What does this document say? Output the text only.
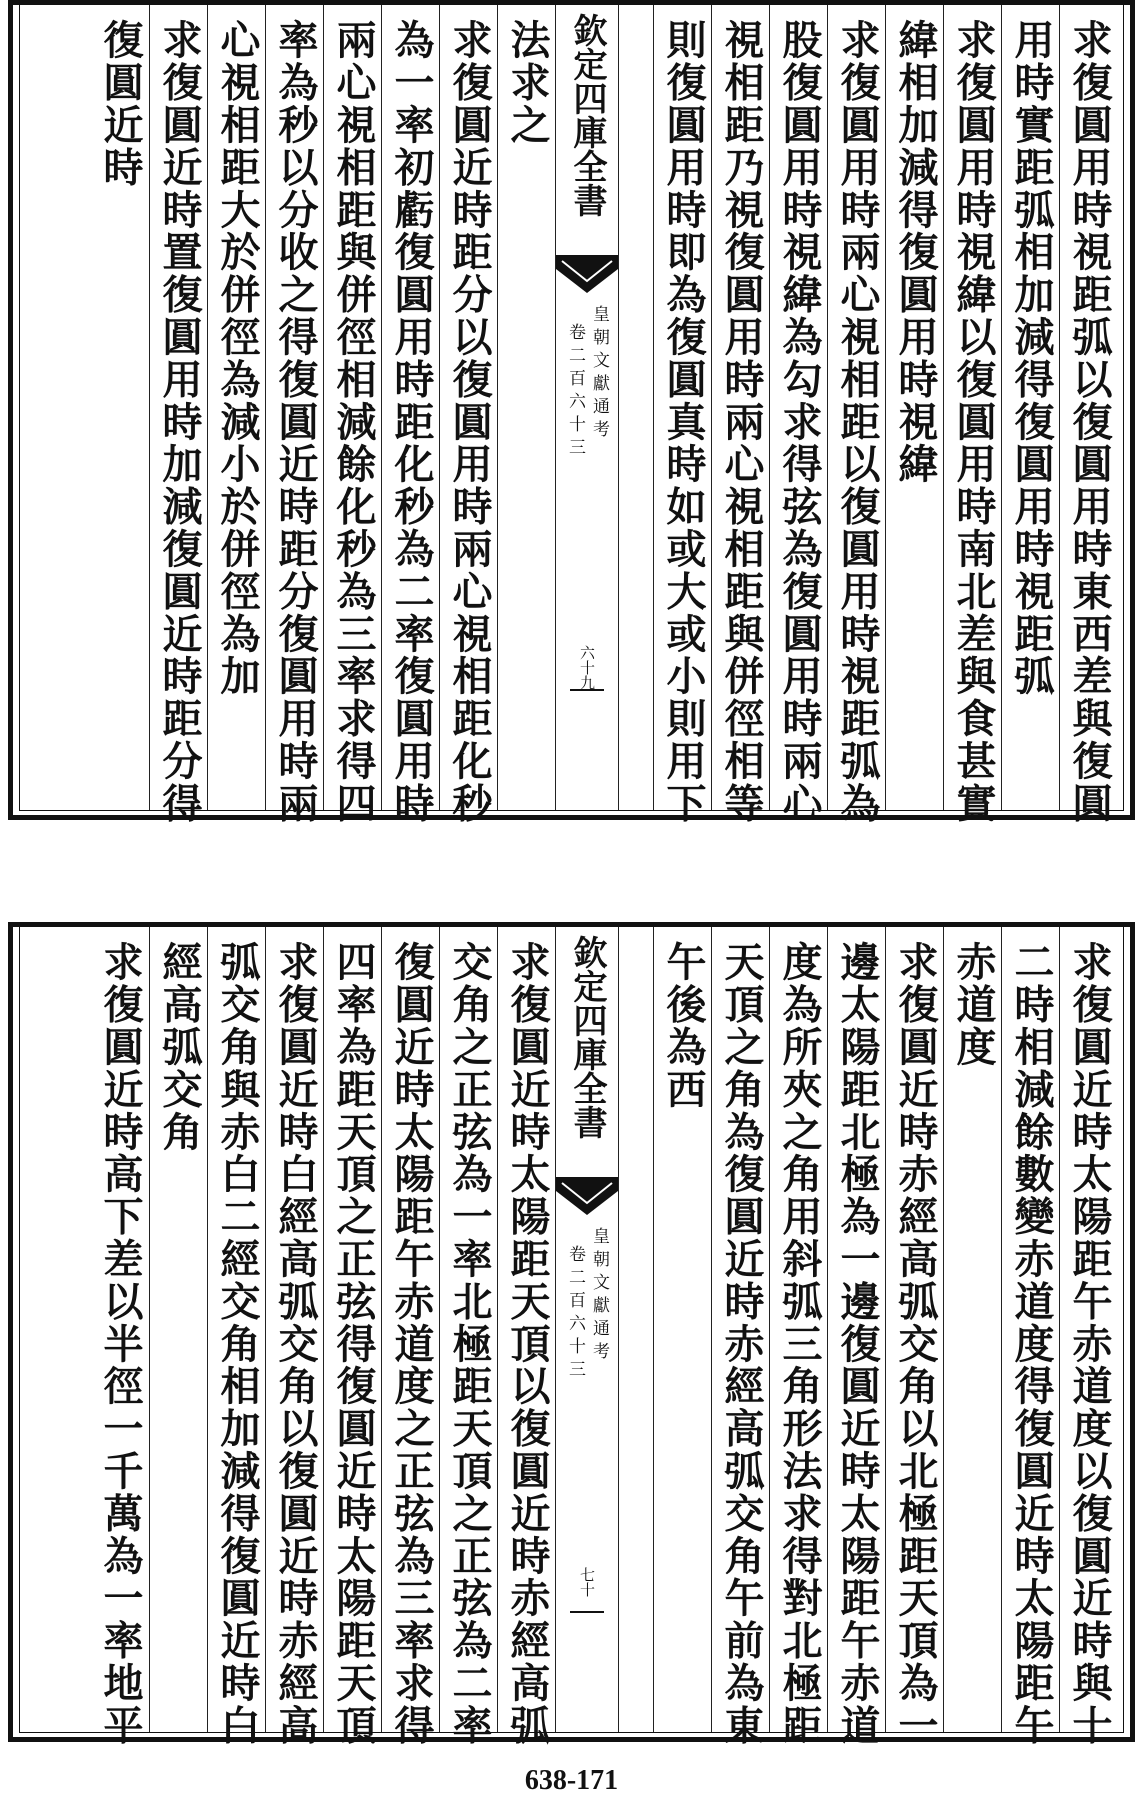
法求之
求復圓近時距分以復圓用時兩心視相距化秒
為一率初虧復圓用時距化秒為二率復圓用時
兩心視相距與併徑相減餘化秒為三率求得四
率為秒以分收之得復圓近時距分復圓用時兩
心視相距大於併徑為減小於併徑為加
求復圓近時置復圓用時加減復圓近時距分得
復圓近時	欽定四庫全書
皇朝文獻通考
卷二百六十三
六十九	求復圓用時視距弧以復圓用時東西差與復圓
用時實距弧相加減得復圓用時視距弧
求復圓用時視緯以復圓用時南北差與食甚實
緯相加減得復圓用時視緯
求復圓用時兩心視相距以復圓用時視距弧為
股復圓用時視緯為勾求得弦為復圓用時兩心
視相距乃視復圓用時兩心視相距與併徑相等
則復圓用時即為復圓真時如或大或小則用下
求復圓近時太陽距天頂以復圓近時赤經高弧
交角之正弦為一率北極距天頂之正弦為二率
復圓近時太陽距午赤道度之正弦為三率求得
四率為距天頂之正弦得復圓近時太陽距天頂
求復圓近時白經高弧交角以復圓近時赤經高
弧交角與赤白二經交角相加減得復圓近時白
經高弧交角
求復圓近時高下差以半徑一千萬為一率地平	欽定四庫全書
皇朝文獻通考
卷二百六十三
七十	求復圓近時太陽距午赤道度以復圓近時與十
二時相減餘數變赤道度得復圓近時太陽距午
赤道度
求復圓近時赤經高弧交角以北極距天頂為一
邊太陽距北極為一邊復圓近時太陽距午赤道
度為所夾之角用斜弧三角形法求得對北極距
天頂之角為復圓近時赤經高弧交角午前為東
午後為西
638-171
